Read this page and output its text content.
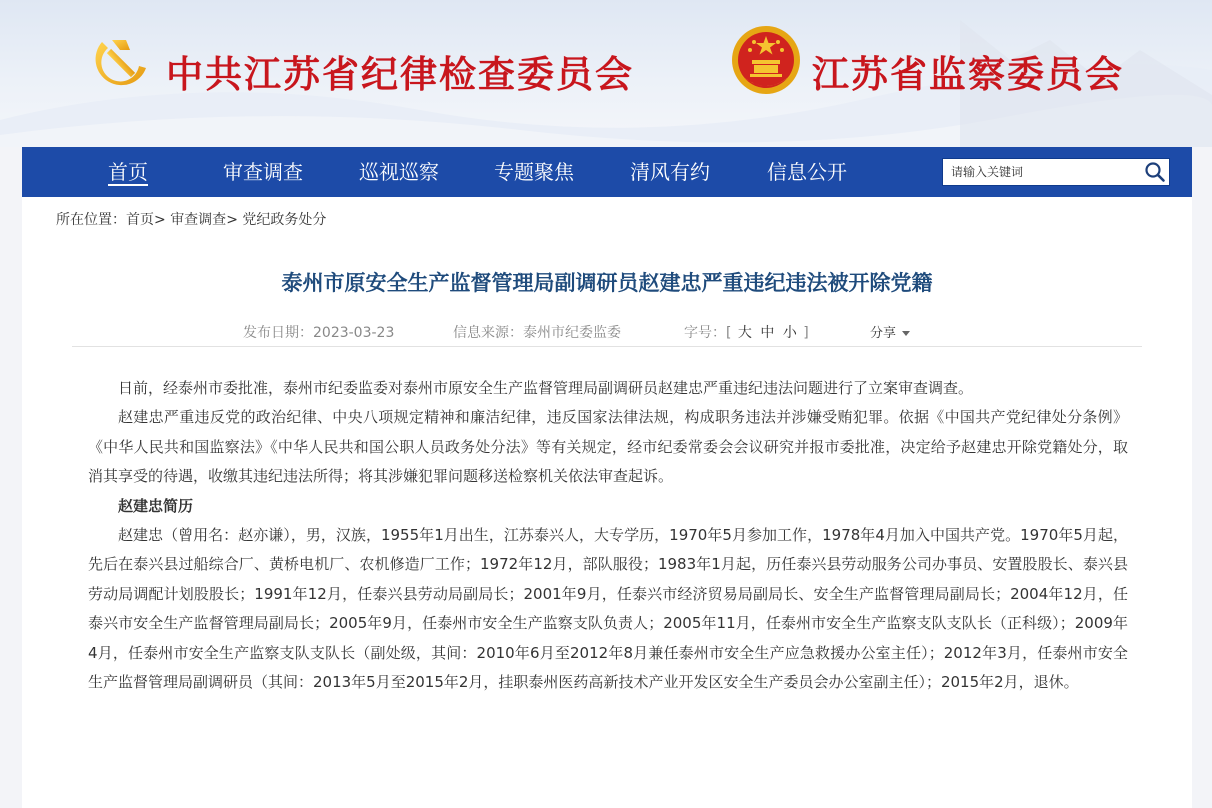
中共江苏省纪律检查委员会	江苏省监察委员会
首页	审查调查	巡视巡察	专题聚焦	清风有约	信息公开
请输入关键词
所在位置：首页> 审查调查> 党纪政务处分
泰州市原安全生产监督管理局副调研员赵建忠严重违纪违法被开除党籍
发布日期：2023-03-23	信息来源：泰州市纪委监委	字号：[ 大 中 小 ]	分享

日前，经泰州市委批准，泰州市纪委监委对泰州市原安全生产监督管理局副调研员赵建忠严重违纪违法问题进行了立案审查调查。

赵建忠严重违反党的政治纪律、中央八项规定精神和廉洁纪律，违反国家法律法规，构成职务违法并涉嫌受贿犯罪。依据《中国共产党纪律处分条例》《中华人民共和国监察法》《中华人民共和国公职人员政务处分法》等有关规定，经市纪委常委会会议研究并报市委批准，决定给予赵建忠开除党籍处分，取消其享受的待遇，收缴其违纪违法所得；将其涉嫌犯罪问题移送检察机关依法审查起诉。

赵建忠简历

赵建忠（曾用名：赵亦谦），男，汉族，1955年1月出生，江苏泰兴人，大专学历，1970年5月参加工作，1978年4月加入中国共产党。1970年5月起，先后在泰兴县过船综合厂、黄桥电机厂、农机修造厂工作；1972年12月，部队服役；1983年1月起，历任泰兴县劳动服务公司办事员、安置股股长、泰兴县劳动局调配计划股股长；1991年12月，任泰兴县劳动局副局长；2001年9月，任泰兴市经济贸易局副局长、安全生产监督管理局副局长；2004年12月，任泰兴市安全生产监督管理局副局长；2005年9月，任泰州市安全生产监察支队负责人；2005年11月，任泰州市安全生产监察支队支队长（正科级）；2009年4月，任泰州市安全生产监察支队支队长（副处级，其间：2010年6月至2012年8月兼任泰州市安全生产应急救援办公室主任）；2012年3月，任泰州市安全生产监督管理局副调研员（其间：2013年5月至2015年2月，挂职泰州医药高新技术产业开发区安全生产委员会办公室副主任）；2015年2月，退休。
